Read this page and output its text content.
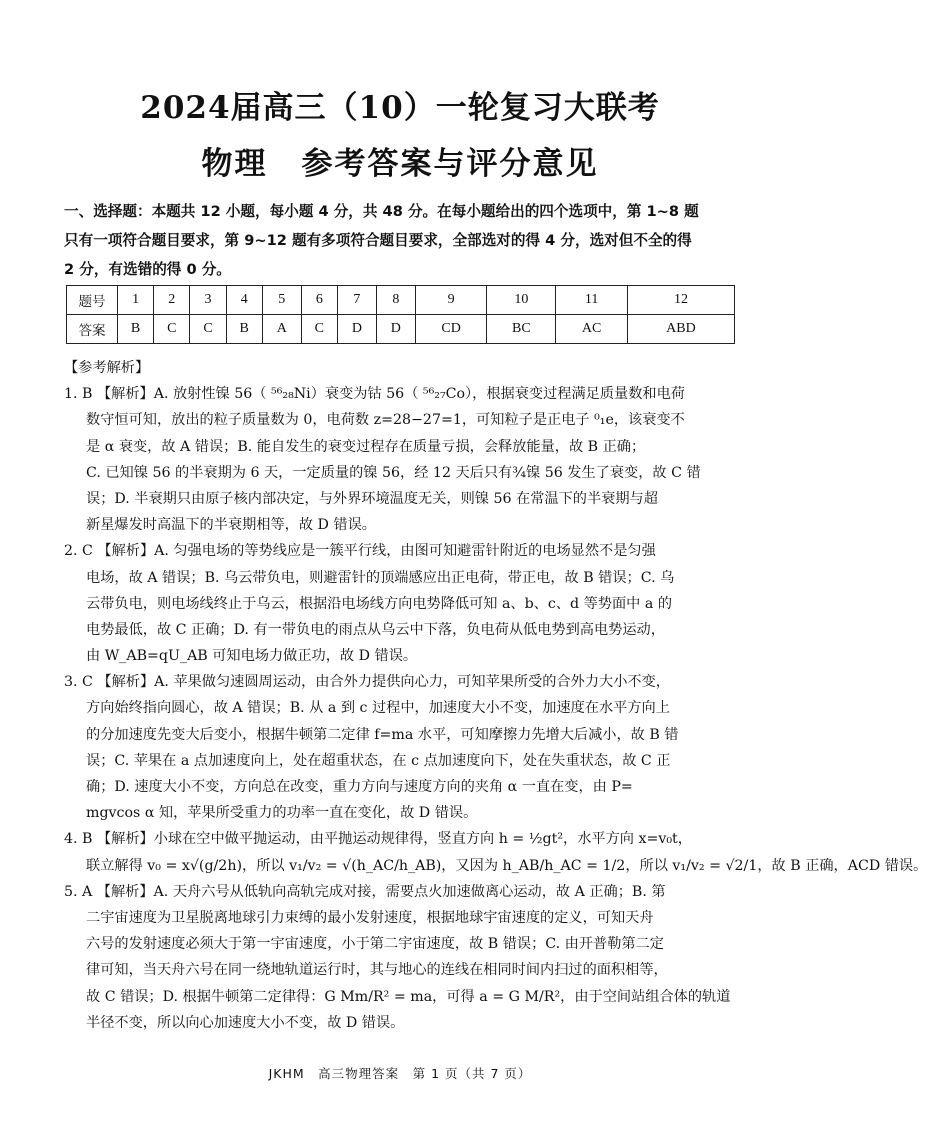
2024届高三（10）一轮复习大联考
物理 参考答案与评分意见
一、选择题：本题共 12 小题，每小题 4 分，共 48 分。在每小题给出的四个选项中，第 1~8 题
只有一项符合题目要求，第 9~12 题有多项符合题目要求，全部选对的得 4 分，选对但不全的得
2 分，有选错的得 0 分。
题号	1	2	3	4	5	6	7	8	9	10	11	12
答案	B	C	C	B	A	C	D	D	CD	BC	AC	ABD
【参考解析】
1. B 【解析】A. 放射性镍 56（ ⁵⁶₂₈Ni）衰变为钴 56（ ⁵⁶₂₇Co），根据衰变过程满足质量数和电荷
数守恒可知，放出的粒子质量数为 0，电荷数 z=28−27=1，可知粒子是正电子 ⁰₁e，该衰变不
是 α 衰变，故 A 错误；B. 能自发生的衰变过程存在质量亏损，会释放能量，故 B 正确；
C. 已知镍 56 的半衰期为 6 天，一定质量的镍 56，经 12 天后只有¾镍 56 发生了衰变，故 C 错
误；D. 半衰期只由原子核内部决定，与外界环境温度无关，则镍 56 在常温下的半衰期与超
新星爆发时高温下的半衰期相等，故 D 错误。
2. C 【解析】A. 匀强电场的等势线应是一簇平行线，由图可知避雷针附近的电场显然不是匀强
电场，故 A 错误；B. 乌云带负电，则避雷针的顶端感应出正电荷，带正电，故 B 错误；C. 乌
云带负电，则电场线终止于乌云，根据沿电场线方向电势降低可知 a、b、c、d 等势面中 a 的
电势最低，故 C 正确；D. 有一带负电的雨点从乌云中下落，负电荷从低电势到高电势运动，
由 W_AB=qU_AB 可知电场力做正功，故 D 错误。
3. C 【解析】A. 苹果做匀速圆周运动，由合外力提供向心力，可知苹果所受的合外力大小不变，
方向始终指向圆心，故 A 错误；B. 从 a 到 c 过程中，加速度大小不变，加速度在水平方向上
的分加速度先变大后变小，根据牛顿第二定律 f=ma 水平，可知摩擦力先增大后减小，故 B 错
误；C. 苹果在 a 点加速度向上，处在超重状态，在 c 点加速度向下，处在失重状态，故 C 正
确；D. 速度大小不变，方向总在改变，重力方向与速度方向的夹角 α 一直在变，由 P=
mgvcos α 知，苹果所受重力的功率一直在变化，故 D 错误。
4. B 【解析】小球在空中做平抛运动，由平抛运动规律得，竖直方向 h = ½gt²，水平方向 x=v₀t，
联立解得 v₀ = x√(g/2h)，所以 v₁/v₂ = √(h_AC/h_AB)，又因为 h_AB/h_AC = 1/2，所以 v₁/v₂ = √2/1，故 B 正确，ACD 错误。
5. A 【解析】A. 天舟六号从低轨向高轨完成对接，需要点火加速做离心运动，故 A 正确；B. 第
二宇宙速度为卫星脱离地球引力束缚的最小发射速度，根据地球宇宙速度的定义，可知天舟
六号的发射速度必须大于第一宇宙速度，小于第二宇宙速度，故 B 错误；C. 由开普勒第二定
律可知，当天舟六号在同一绕地轨道运行时，其与地心的连线在相同时间内扫过的面积相等，
故 C 错误；D. 根据牛顿第二定律得：G Mm/R² = ma，可得 a = G M/R²，由于空间站组合体的轨道
半径不变，所以向心加速度大小不变，故 D 错误。
JKHM　高三物理答案　第 1 页（共 7 页）
